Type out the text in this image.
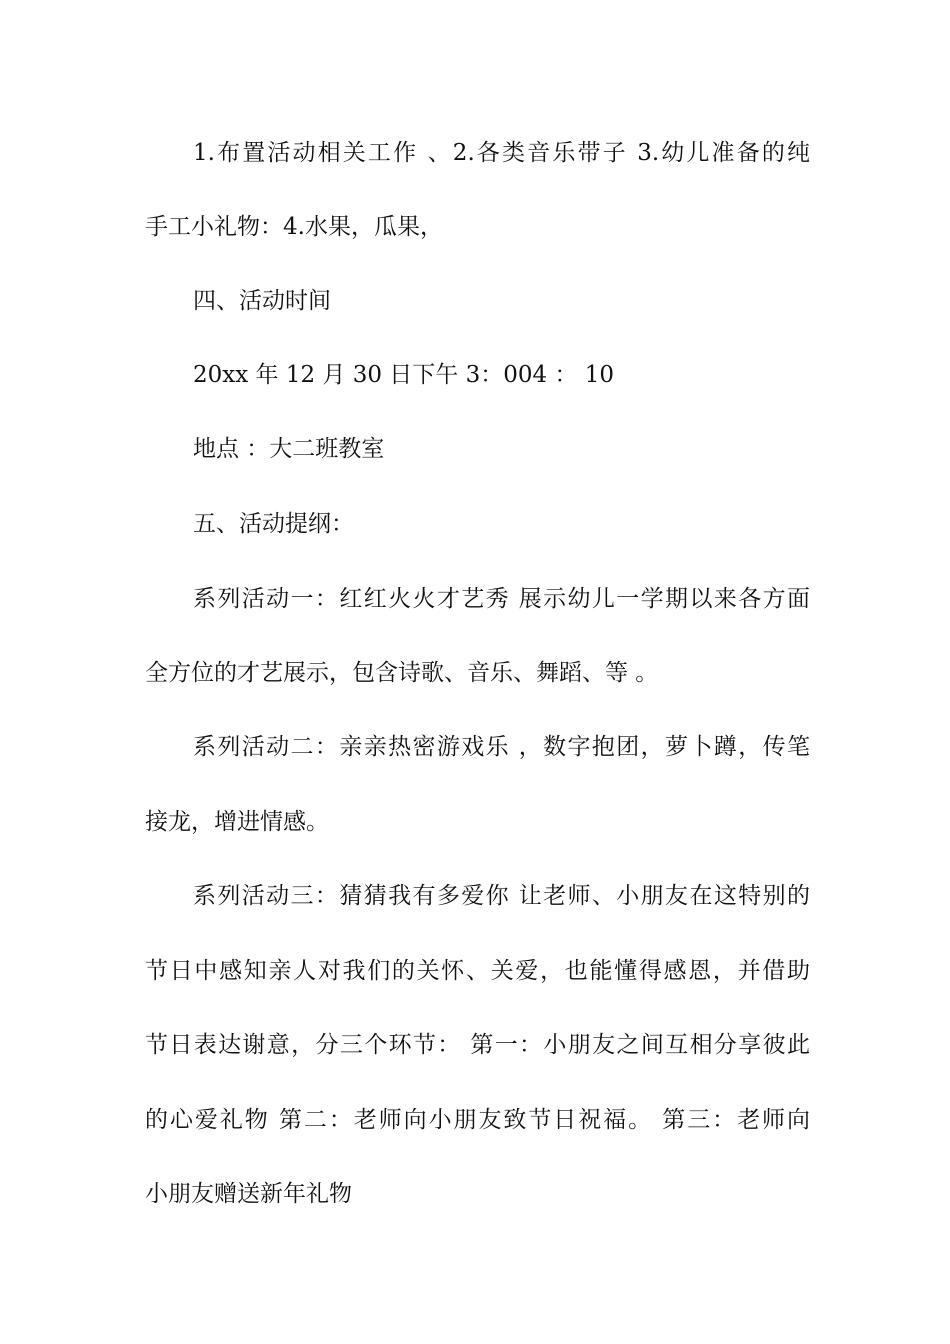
1.布置活动相关工作 、2.各类音乐带子 3.幼儿准备的纯
手工小礼物：4.水果，瓜果，
四、活动时间
20xx 年 12 月 30 日下午 3：004 ： 10
地点 ：大二班教室
五、活动提纲：
系列活动一：红红火火才艺秀 展示幼儿一学期以来各方面
全方位的才艺展示，包含诗歌、音乐、舞蹈、等 。
系列活动二：亲亲热密游戏乐 ，数字抱团，萝卜蹲，传笔
接龙，增进情感。
系列活动三：猜猜我有多爱你 让老师、小朋友在这特别的
节日中感知亲人对我们的关怀、关爱，也能懂得感恩，并借助
节日表达谢意，分三个环节： 第一：小朋友之间互相分享彼此
的心爱礼物 第二：老师向小朋友致节日祝福。 第三：老师向
小朋友赠送新年礼物
